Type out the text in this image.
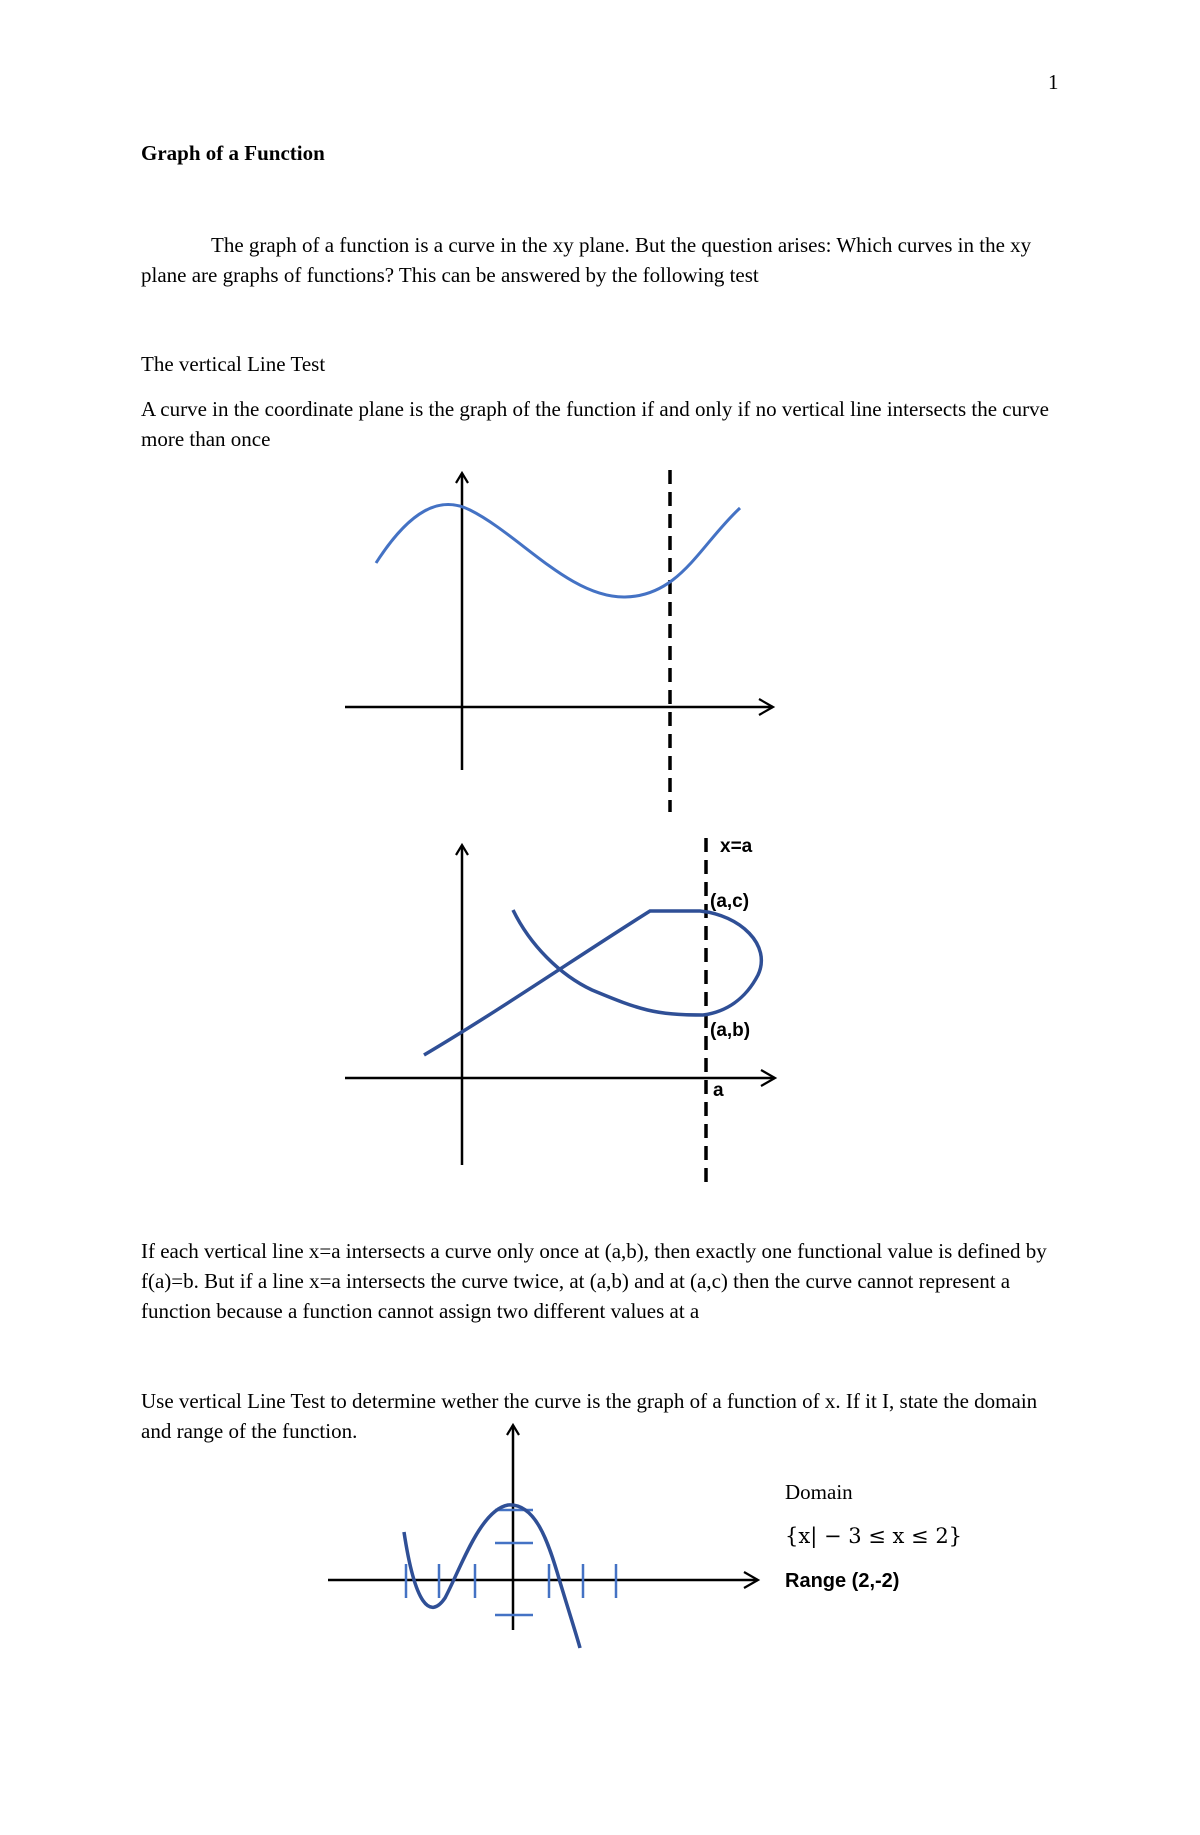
1
Graph of a Function

The graph of a function is a curve in the xy plane. But the question arises: Which curves in the xy plane are graphs of functions? This can be answered by the following test

The vertical Line Test

A curve in the coordinate plane is the graph of the function if and only if no vertical line intersects the curve more than once

x=a
(a,c)
(a,b)
a

If each vertical line x=a intersects a curve only once at (a,b), then exactly one functional value is defined by f(a)=b. But if a line x=a intersects the curve twice, at (a,b) and at (a,c) then the curve cannot represent a function because a function cannot assign two different values at a

Use vertical Line Test to determine wether the curve is the graph of a function of x. If it I, state the domain and range of the function.

Domain
{x| − 3 ≤ x ≤ 2}
Range (2,-2)
